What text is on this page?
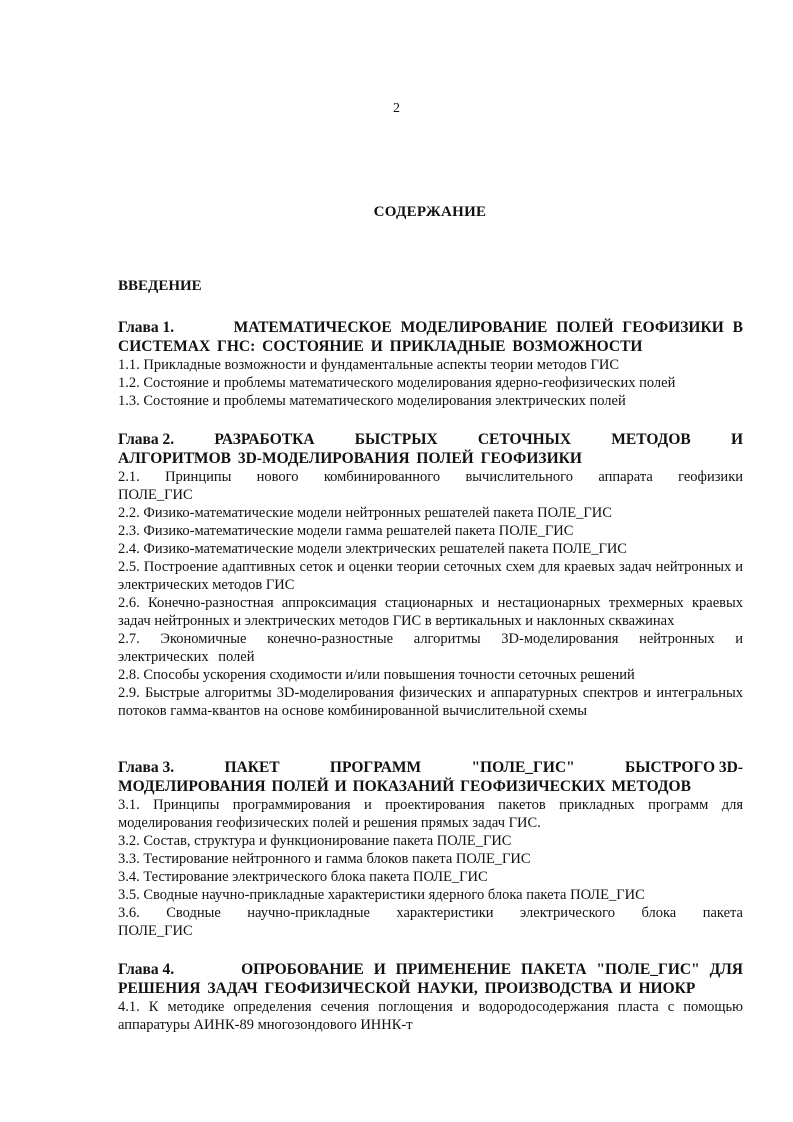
2
СОДЕРЖАНИЕ
ВВЕДЕНИЕ
Глава 1.	МАТЕМАТИЧЕСКОЕ МОДЕЛИРОВАНИЕ ПОЛЕЙ ГЕОФИЗИКИ В
СИСТЕМАХ ГНС: СОСТОЯНИЕ И ПРИКЛАДНЫЕ ВОЗМОЖНОСТИ

1.1. Прикладные возможности и фундаментальные аспекты теории методов ГИС

1.2. Состояние и проблемы математического моделирования ядерно-геофизических полей

1.3. Состояние и проблемы математического моделирования электрических полей

Глава 2.	РАЗРАБОТКА	БЫСТРЫХ	СЕТОЧНЫХ	МЕТОДОВ	И
АЛГОРИТМОВ 3D-МОДЕЛИРОВАНИЯ ПОЛЕЙ ГЕОФИЗИКИ

2.1. Принципы нового комбинированного вычислительного аппарата геофизики ПОЛЕ_ГИС

2.2. Физико-математические модели нейтронных решателей пакета ПОЛЕ_ГИС

2.3. Физико-математические модели гамма решателей пакета ПОЛЕ_ГИС

2.4. Физико-математические модели электрических решателей пакета ПОЛЕ_ГИС

2.5. Построение адаптивных сеток и оценки теории сеточных схем для краевых задач нейтронных и электрических методов ГИС

2.6. Конечно-разностная аппроксимация стационарных и нестационарных трехмерных краевых задач нейтронных и электрических методов ГИС в вертикальных и наклонных скважинах

2.7. Экономичные конечно-разностные алгоритмы 3D-моделирования нейтронных и электрических полей

2.8. Способы ускорения сходимости и/или повышения точности сеточных решений

2.9. Быстрые алгоритмы 3D-моделирования физических и аппаратурных спектров и интегральных потоков гамма-квантов на основе комбинированной вычислительной схемы

Глава 3.	ПАКЕТ	ПРОГРАММ	"ПОЛЕ_ГИС"	БЫСТРОГО 3D-
МОДЕЛИРОВАНИЯ ПОЛЕЙ И ПОКАЗАНИЙ ГЕОФИЗИЧЕСКИХ МЕТОДОВ

3.1. Принципы программирования и проектирования пакетов прикладных программ для моделирования геофизических полей и решения прямых задач ГИС.

3.2. Состав, структура и функционирование пакета ПОЛЕ_ГИС

3.3. Тестирование нейтронного и гамма блоков пакета ПОЛЕ_ГИС

3.4. Тестирование электрического блока пакета ПОЛЕ_ГИС

3.5. Сводные научно-прикладные характеристики ядерного блока пакета ПОЛЕ_ГИС

3.6. Сводные научно-прикладные характеристики электрического блока пакета ПОЛЕ_ГИС

Глава 4.	ОПРОБОВАНИЕ И ПРИМЕНЕНИЕ ПАКЕТА "ПОЛЕ_ГИС" ДЛЯ
РЕШЕНИЯ ЗАДАЧ ГЕОФИЗИЧЕСКОЙ НАУКИ, ПРОИЗВОДСТВА И НИОКР

4.1. К методике определения сечения поглощения и водородосодержания пласта с помощью аппаратуры АИНК-89 многозондового ИННК-т
